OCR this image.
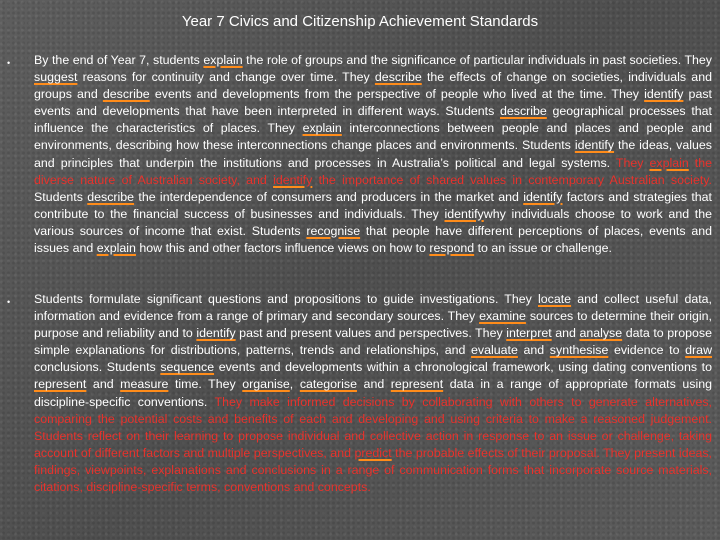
Year 7 Civics and Citizenship Achievement Standards
• By the end of Year 7, students explain the role of groups and the significance of particular individuals in past societies. They suggest reasons for continuity and change over time. They describe the effects of change on societies, individuals and groups and describe events and developments from the perspective of people who lived at the time. They identify past events and developments that have been interpreted in different ways. Students describe geographical processes that influence the characteristics of places. They explain interconnections between people and places and people and environments, describing how these interconnections change places and environments. Students identify the ideas, values and principles that underpin the institutions and processes in Australia’s political and legal systems. They explain the diverse nature of Australian society, and identify the importance of shared values in contemporary Australian society. Students describe the interdependence of consumers and producers in the market and identify factors and strategies that contribute to the financial success of businesses and individuals. They identifywhy individuals choose to work and the various sources of income that exist. Students recognise that people have different perceptions of places, events and issues and explain how this and other factors influence views on how to respond to an issue or challenge.
• Students formulate significant questions and propositions to guide investigations. They locate and collect useful data, information and evidence from a range of primary and secondary sources. They examine sources to determine their origin, purpose and reliability and to identify past and present values and perspectives. They interpret and analyse data to propose simple explanations for distributions, patterns, trends and relationships, and evaluate and synthesise evidence to draw conclusions. Students sequence events and developments within a chronological framework, using dating conventions to represent and measure time. They organise, categorise and represent data in a range of appropriate formats using discipline-specific conventions. They make informed decisions by collaborating with others to generate alternatives, comparing the potential costs and benefits of each and developing and using criteria to make a reasoned judgement. Students reflect on their learning to propose individual and collective action in response to an issue or challenge, taking account of different factors and multiple perspectives, and predict the probable effects of their proposal. They present ideas, findings, viewpoints, explanations and conclusions in a range of communication forms that incorporate source materials, citations, discipline-specific terms, conventions and concepts.
